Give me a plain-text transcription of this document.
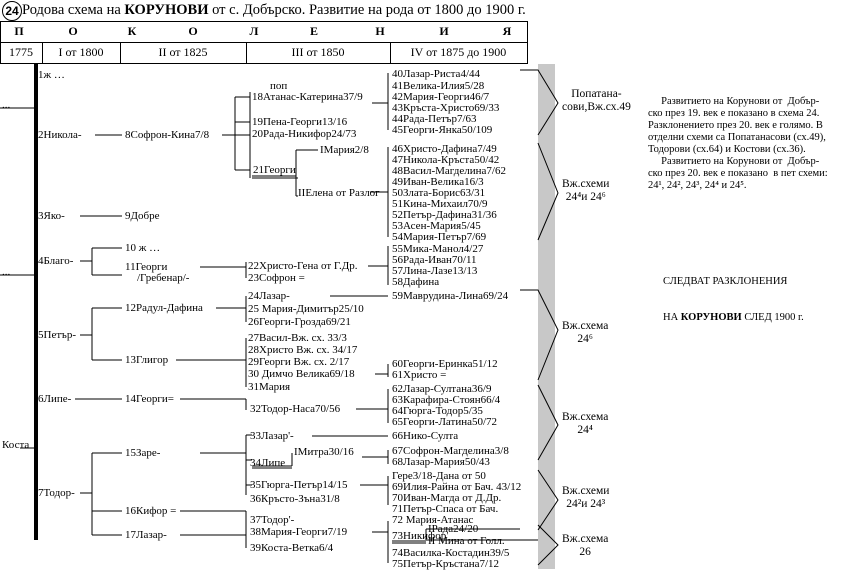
24 Родова схема на КОРУНОВИ от с. Добърско. Развитие на рода от 1800 до 1900 г.
1775	I от 1800	II от 1825	III от 1850	IV от 1875 до 1900
П	О	К	О	Л	Е	Н	И	Я
Коста
...
...
1ж …
2Никола-
3Яко-
4Благо-
5Петър-
6Липе-
7Тодор-
8Софрон-Кина7/8
9Добре
10 ж …
11Георги
/Гребенар/-
12Радул-Дафина
13Глигор
14Георги=
15Заре-
16Кифор =
17Лазар-
поп
18Атанас-Катерина37/9
19Пена-Георги13/16
20Рада-Никифор24/73
21Георги
IМария2/8
IIЕлена от Разлог
22Христо-Гена от Г.Др.
23Софрон =
24Лазар-
25 Мария-Димитър25/10
26Георги-Грозда69/21
27Васил-Вж. сх. 33/3
28Христо Вж. сх. 34/17
29Георги Вж. сх. 2/17
30 Димчо Велика69/18
31Мария
32Тодор-Наса70/56
33Лазар'-
34Липе
IМитра30/16
35Гюрга-Петър14/15
36Кръсто-Зъна31/8
37Тодор'-
38Мария-Георги7/19
39Коста-Ветка6/4
40Лазар-Риста4/44
41Велика-Илия5/28
42Мария-Георги46/7
43Кръста-Христо69/33
44Рада-Петър7/63
45Георги-Янка50/109
46Христо-Дафина7/49
47Никола-Кръста50/42
48Васил-Магделина7/62
49Иван-Велика16/3
50Злата-Борис63/31
51Кина-Михаил70/9
52Петър-Дафина31/36
53Асен-Мария5/45
54Мария-Петър7/69
55Мика-Манол4/27
56Рада-Иван70/11
57Лина-Лазе13/13
58Дафина
59Маврудина-Лина69/24
60Георги-Еринка51/12
61Христо =
62Лазар-Султана36/9
63Карафира-Стоян66/4
64Гюрга-Тодор5/35
65Георги-Латина50/72
66Нико-Султа
67Софрон-Магделина3/8
68Лазар-Мария50/43
Гере3/18-Дана от 50
69Илия-Райна от Бач. 43/12
70Иван-Магда от Д.Др.
71Петър-Спаса от Бач.
72 Мария-Атанас
73Никифор
IРада24/20
II Мина от Голл.
74Василка-Костадин39/5
75Петър-Кръстана7/12
Попатана-
сови,Вж.сх.49
Вж.схеми
24⁴и 24⁶
Вж.схема
24⁶
Вж.схема
24⁴
Вж.схеми
24²и 24³
Вж.схема
26
Развитието на Корунови от  Добър-
ско през 19. век е показано в схема 24.
Разклонението през 20. век е голямо. В
отделни схеми са Попатанасови (сх.49),
Тодорови (сх.64) и Костови (сх.36).
Развитието на Корунови от  Добър-
ско през 20. век е показано  в пет схеми:
24¹, 24², 24³, 24⁴ и 24⁵.

СЛЕДВАТ РАЗКЛОНЕНИЯ

НА КОРУНОВИ СЛЕД 1900 г.
